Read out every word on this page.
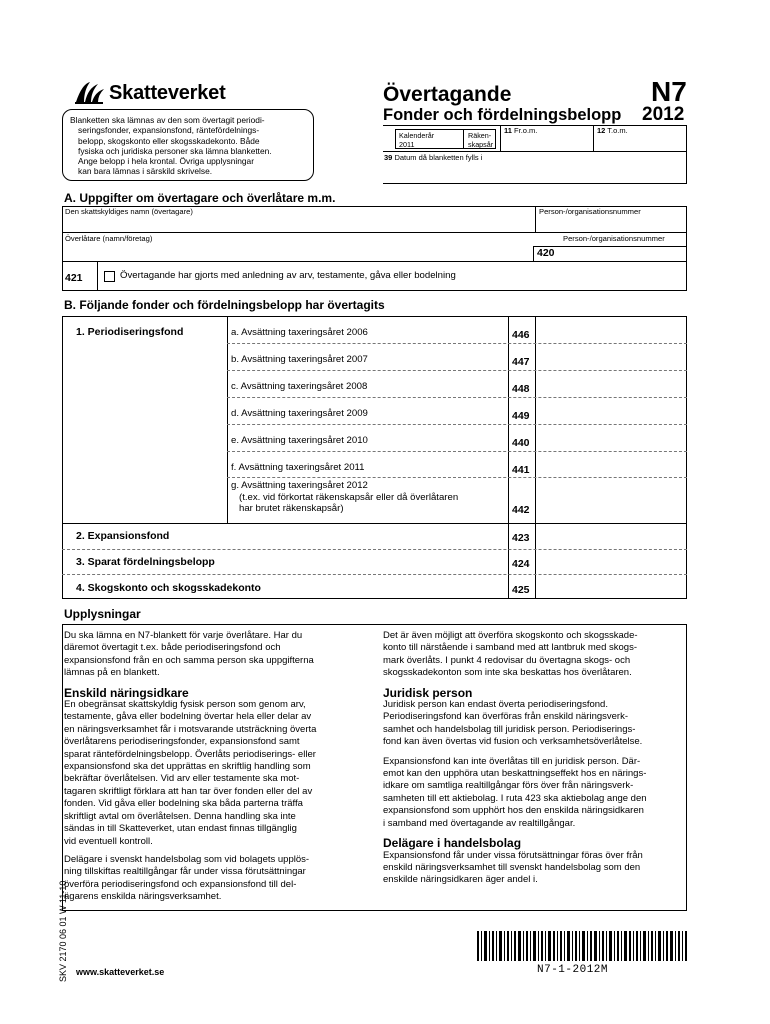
Skatteverket	Övertagande
Fonder och fördelningsbelopp
N7
2012
Blanketten ska lämnas av den som övertagit periodi-
seringsfonder, expansionsfond, räntefördelnings-
belopp, skogskonto eller skogsskadekonto. Både
fysiska och juridiska personer ska lämna blanketten.
Ange belopp i hela krontal. Övriga upplysningar
kan bara lämnas i särskild skrivelse.
Kalenderår
2011
Räken-
skapsår
11 Fr.o.m.	12 T.o.m.
39 Datum då blanketten fylls i
A. Uppgifter om övertagare och överlåtare m.m.
Den skattskyldiges namn (övertagare)	Person-/organisationsnummer
Överlåtare (namn/företag)	Person-/organisationsnummer
420
421	Övertagande har gjorts med anledning av arv, testamente, gåva eller bodelning
B. Följande fonder och fördelningsbelopp har övertagits
1. Periodiseringsfond	a. Avsättning taxeringsåret 2006	446
b. Avsättning taxeringsåret 2007	447
c. Avsättning taxeringsåret 2008	448
d. Avsättning taxeringsåret 2009	449
e. Avsättning taxeringsåret 2010	440
f. Avsättning taxeringsåret 2011	441
g. Avsättning taxeringsåret 2012
(t.ex. vid förkortat räkenskapsår eller då överlåtaren
har brutet räkenskapsår)	442
2. Expansionsfond	423
3. Sparat fördelningsbelopp	424
4. Skogskonto och skogsskadekonto	425
Upplysningar
Du ska lämna en N7-blankett för varje överlåtare. Har du
däremot övertagit t.ex. både periodiseringsfond och
expansionsfond från en och samma person ska uppgifterna
lämnas på en blankett.
Enskild näringsidkare
En obegränsat skattskyldig fysisk person som genom arv,
testamente, gåva eller bodelning övertar hela eller delar av
en näringsverksamhet får i motsvarande utsträckning överta
överlåtarens periodiseringsfonder, expansionsfond samt
sparat räntefördelningsbelopp. Överlåts periodiserings- eller
expansionsfond ska det upprättas en skriftlig handling som
bekräftar överlåtelsen. Vid arv eller testamente ska mot-
tagaren skriftligt förklara att han tar över fonden eller del av
fonden. Vid gåva eller bodelning ska båda parterna träffa
skriftligt avtal om överlåtelsen. Denna handling ska inte
sändas in till Skatteverket, utan endast finnas tillgänglig
vid eventuell kontroll.
Delägare i svenskt handelsbolag som vid bolagets upplös-
ning tillskiftas realtillgångar får under vissa förutsättningar
överföra periodiseringsfond och expansionsfond till del-
ägarens enskilda näringsverksamhet.
Det är även möjligt att överföra skogskonto och skogsskade-
konto till närstående i samband med att lantbruk med skogs-
mark överlåts. I punkt 4 redovisar du övertagna skogs- och
skogsskadekonton som inte ska beskattas hos överlåtaren.
Juridisk person
Juridisk person kan endast överta periodiseringsfond.
Periodiseringsfond kan överföras från enskild näringsverk-
samhet och handelsbolag till juridisk person. Periodiserings-
fond kan även övertas vid fusion och verksamhetsöverlåtelse.
Expansionsfond kan inte överlåtas till en juridisk person. Där-
emot kan den upphöra utan beskattningseffekt hos en närings-
idkare om samtliga realtillgångar förs över från näringsverk-
samheten till ett aktiebolag. I ruta 423 ska aktiebolag ange den
expansionsfond som upphört hos den enskilda näringsidkaren
i samband med övertagande av realtillgångar.
Delägare i handelsbolag
Expansionsfond får under vissa förutsättningar föras över från
enskild näringsverksamhet till svenskt handelsbolag som den
enskilde näringsidkaren äger andel i.
SKV 2170 06 01 W 11-10	N7-1-2012M
www.skatteverket.se
